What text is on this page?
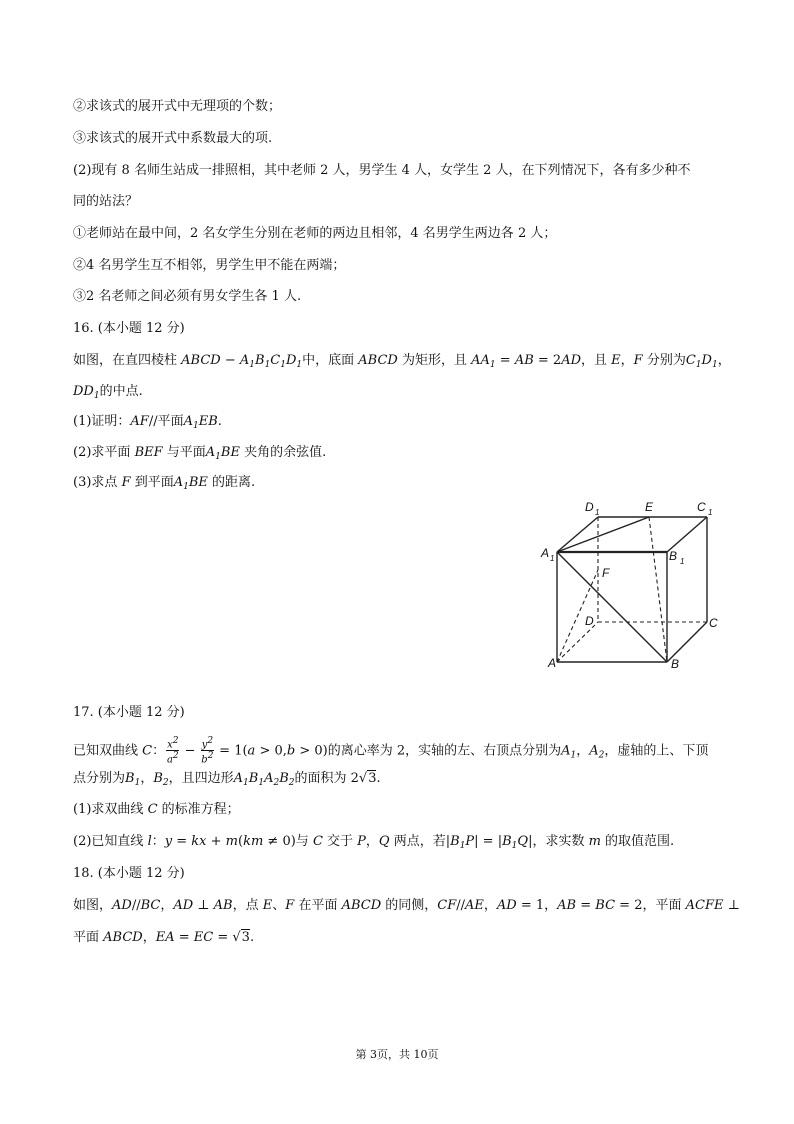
②求该式的展开式中无理项的个数；
③求该式的展开式中系数最大的项.
(2)现有 8 名师生站成一排照相，其中老师 2 人，男学生 4 人，女学生 2 人，在下列情况下，各有多少种不
同的站法？
①老师站在最中间，2 名女学生分别在老师的两边且相邻，4 名男学生两边各 2 人；
②4 名男学生互不相邻，男学生甲不能在两端；
③2 名老师之间必须有男女学生各 1 人.
16. (本小题 12 分)
如图，在直四棱柱 ABCD − $A_1B_1C_1D_1$中，底面 ABCD 为矩形，且 $AA_1$ = AB = 2AD，且 E，F 分别为$C_1D_1$，
$DD_1$的中点.
(1)证明：AF//平面$A_1EB$.
(2)求平面 BEF 与平面$A_1BE$ 夹角的余弦值.
(3)求点 F 到平面$A_1BE$ 的距离.
D 1	E	C 1
A 1	B 1
F
D	C
A	B
17. (本小题 12 分)
已知双曲线 C： $\frac{x^2}{a^2} - \frac{y^2}{b^2} = 1(a > 0,b > 0)$的离心率为 2，实轴的左、右顶点分别为$A_1$，$A_2$，虚轴的上、下顶
点分别为$B_1$，$B_2$，且四边形$A_1B_1A_2B_2$的面积为 2√3.
(1)求双曲线 C 的标准方程；
(2)已知直线 l：y = kx + m(km ≠ 0)与 C 交于 P，Q 两点，若$|B_1P| = |B_1Q|$，求实数 m 的取值范围.
18. (本小题 12 分)
如图，AD//BC，AD ⊥ AB，点 E、F 在平面 ABCD 的同侧，CF//AE，AD = 1，AB = BC = 2，平面 ACFE ⊥
平面 ABCD，EA = EC = √3.
第 3页，共 10页
